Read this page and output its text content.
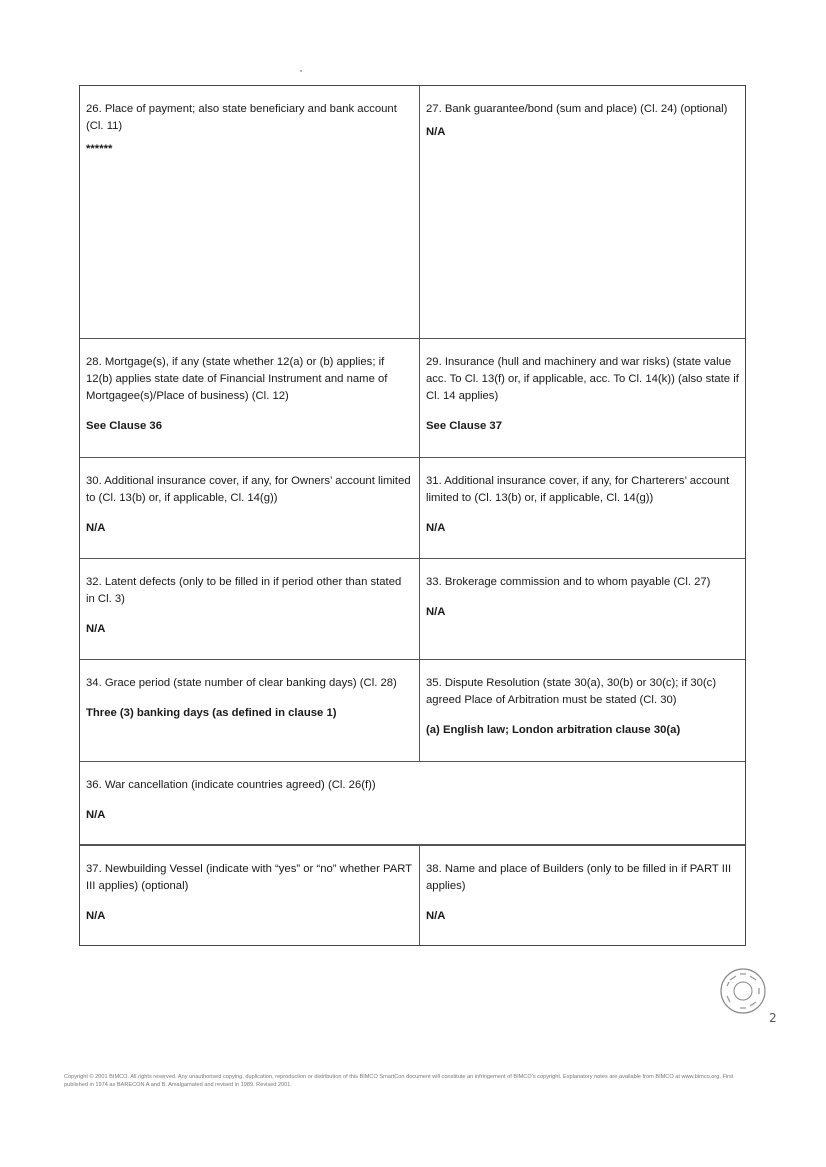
26. Place of payment; also state beneficiary and bank account (Cl. 11)
******
27. Bank guarantee/bond (sum and place) (Cl. 24) (optional)
N/A
28. Mortgage(s), if any (state whether 12(a) or (b) applies; if 12(b) applies state date of Financial Instrument and name of Mortgagee(s)/Place of business) (Cl. 12)
See Clause 36
29. Insurance (hull and machinery and war risks) (state value acc. To Cl. 13(f) or, if applicable, acc. To Cl. 14(k)) (also state if Cl. 14 applies)
See Clause 37
30. Additional insurance cover, if any, for Owners’ account limited to (Cl. 13(b) or, if applicable, Cl. 14(g))
N/A
31. Additional insurance cover, if any, for Charterers’ account limited to (Cl. 13(b) or, if applicable, Cl. 14(g))
N/A
32. Latent defects (only to be filled in if period other than stated in Cl. 3)
N/A
33. Brokerage commission and to whom payable (Cl. 27)
N/A
34. Grace period (state number of clear banking days) (Cl. 28)
Three (3) banking days (as defined in clause 1)
35. Dispute Resolution (state 30(a), 30(b) or 30(c); if 30(c) agreed Place of Arbitration must be stated (Cl. 30)
(a) English law; London arbitration clause 30(a)
36. War cancellation (indicate countries agreed) (Cl. 26(f))
N/A
37. Newbuilding Vessel (indicate with “yes” or “no” whether PART III applies) (optional)
N/A
38. Name and place of Builders (only to be filled in if PART III applies)
N/A
2
Copyright © 2001 BIMCO. All rights reserved. Any unauthorised copying, duplication, reproduction or distribution of this BIMCO SmartCon document will constitute an infringement of BIMCO’s copyright. Explanatory notes are available from BIMCO at www.bimco.org. First published in 1974 as BARECON A and B. Amalgamated and revised in 1989. Revised 2001.
